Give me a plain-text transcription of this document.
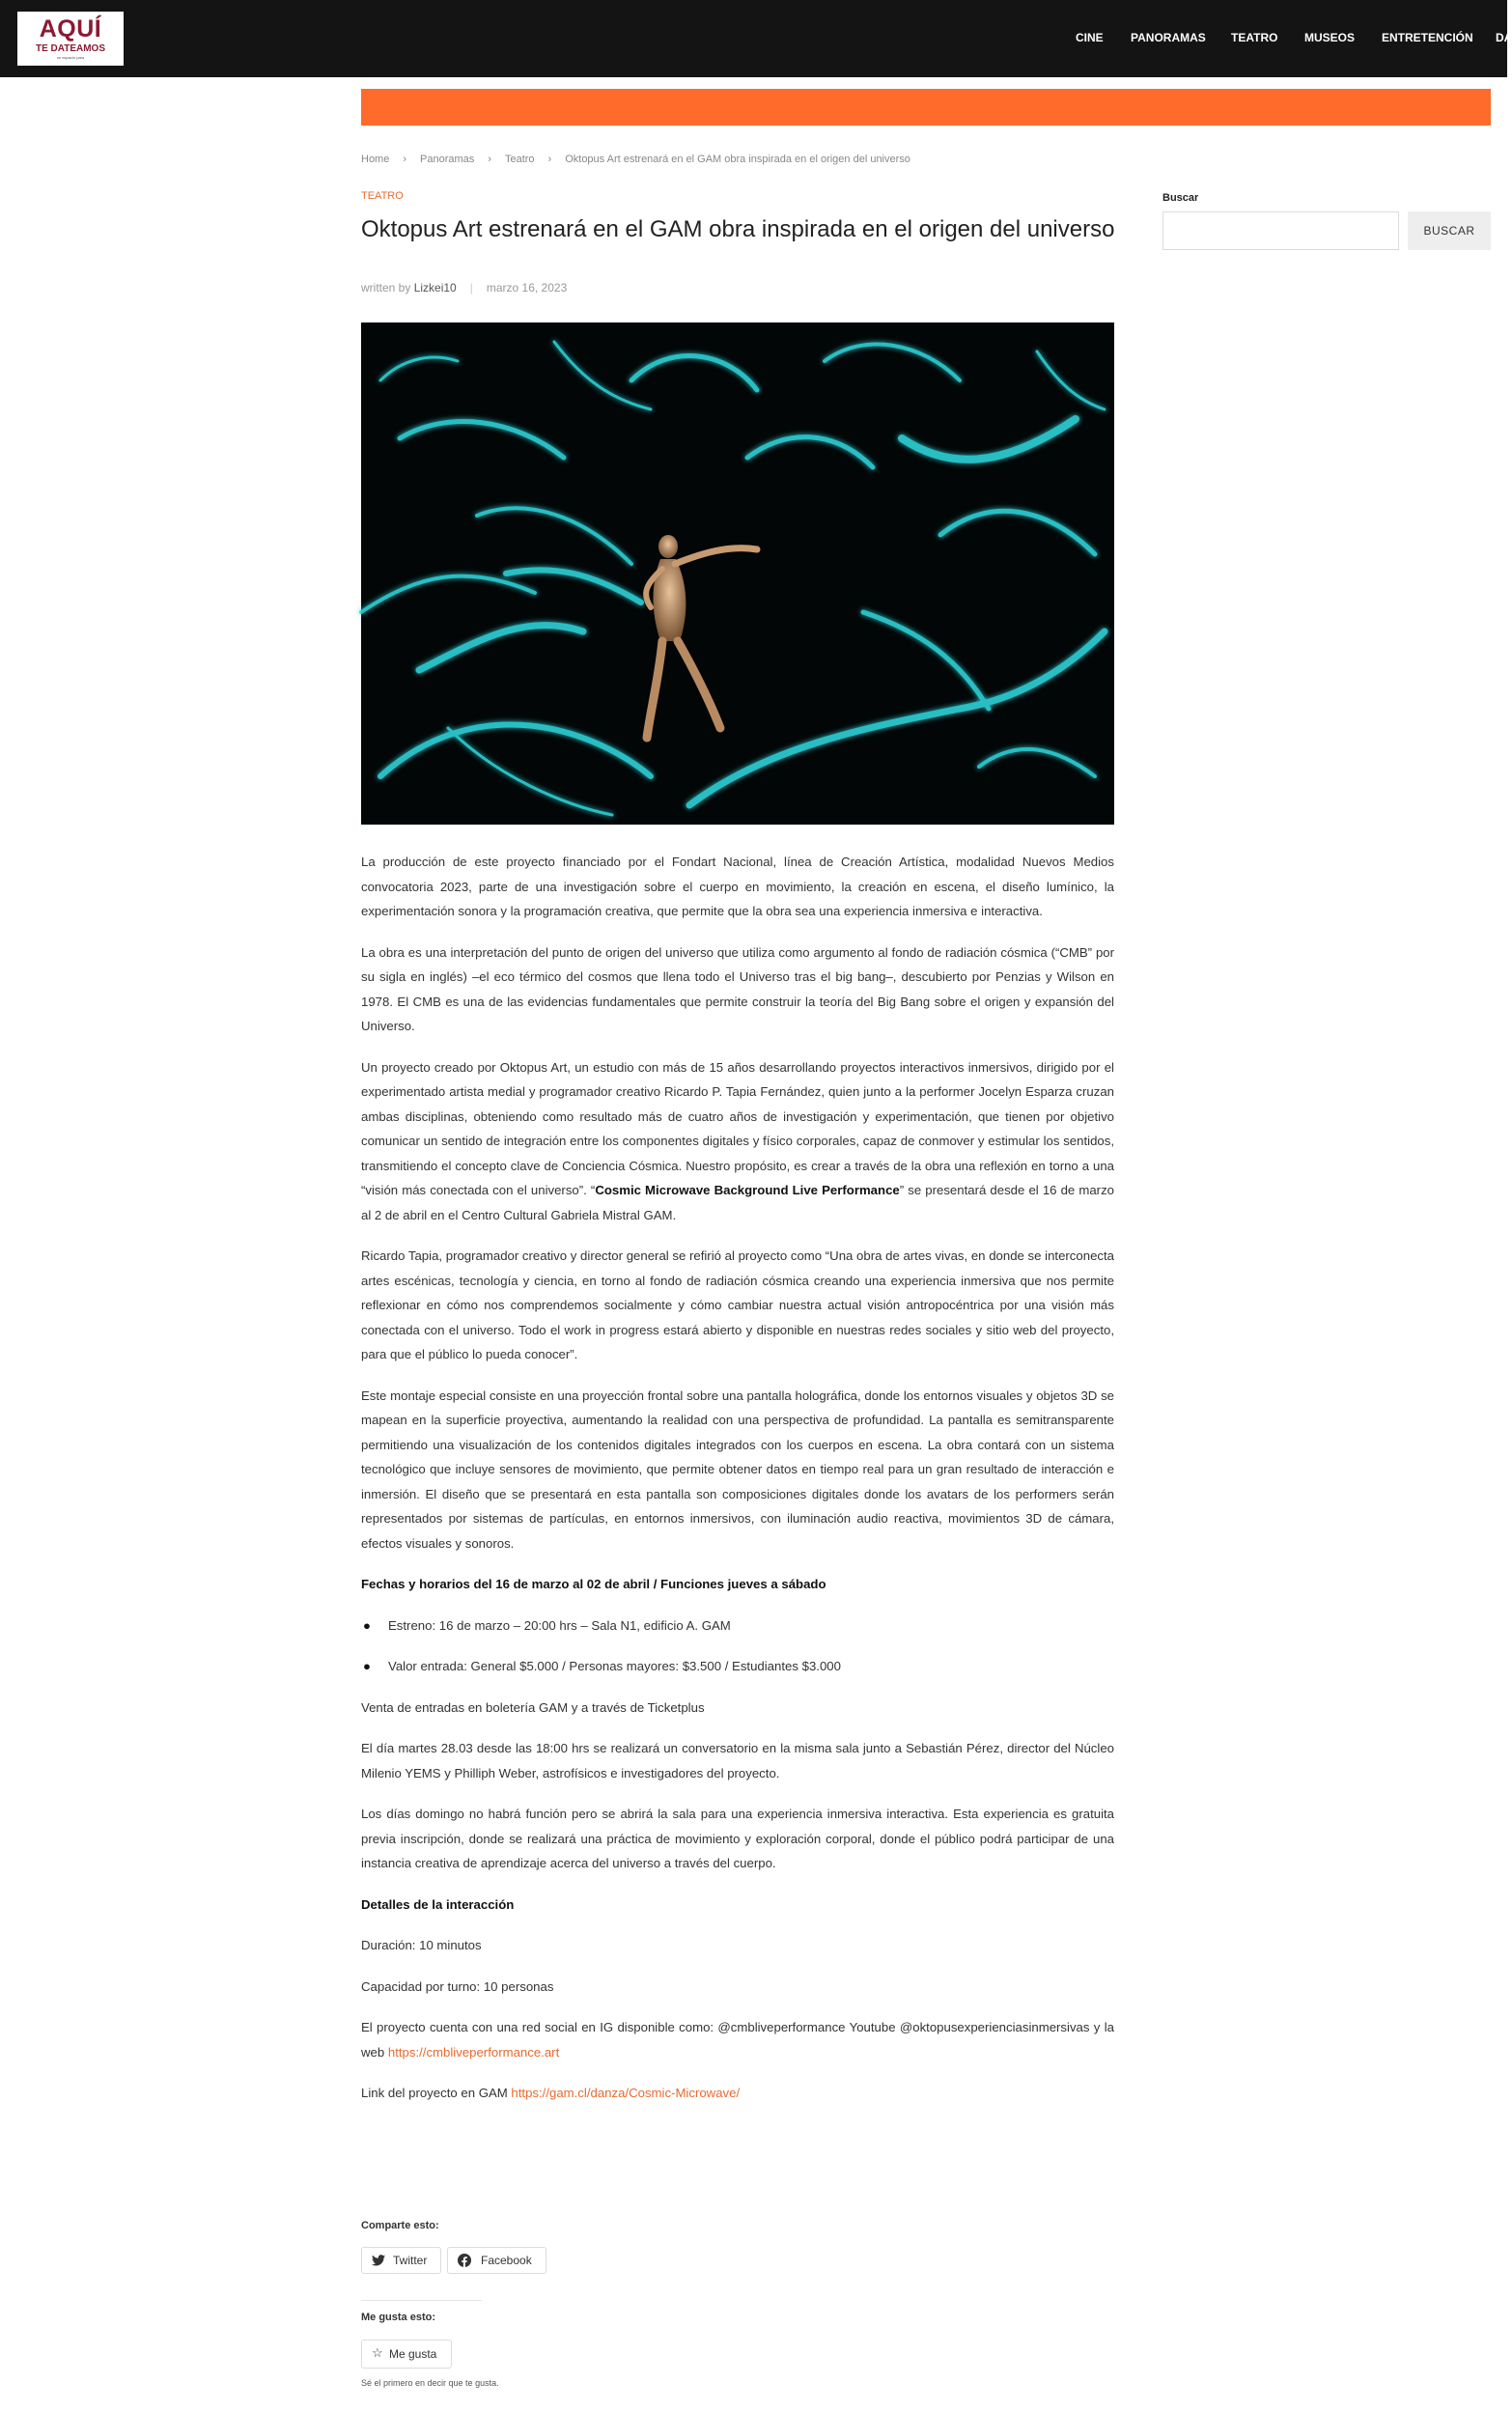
AQUÍ
TE DATEAMOS
un espacio para
CINE PANORAMAS TEATRO MUSEOS ENTRETENCIÓN DA
Home › Panoramas › Teatro › Oktopus Art estrenará en el GAM obra inspirada en el origen del universo
TEATRO
Oktopus Art estrenará en el GAM obra inspirada en el origen del universo
written by Lizkei10 | marzo 16, 2023

La producción de este proyecto financiado por el Fondart Nacional, línea de Creación Artística, modalidad Nuevos Medios convocatoria 2023, parte de una investigación sobre el cuerpo en movimiento, la creación en escena, el diseño lumínico, la experimentación sonora y la programación creativa, que permite que la obra sea una experiencia inmersiva e interactiva.

La obra es una interpretación del punto de origen del universo que utiliza como argumento al fondo de radiación cósmica (“CMB” por su sigla en inglés) –el eco térmico del cosmos que llena todo el Universo tras el big bang–, descubierto por Penzias y Wilson en 1978. El CMB es una de las evidencias fundamentales que permite construir la teoría del Big Bang sobre el origen y expansión del Universo.

Un proyecto creado por Oktopus Art, un estudio con más de 15 años desarrollando proyectos interactivos inmersivos, dirigido por el experimentado artista medial y programador creativo Ricardo P. Tapia Fernández, quien junto a la performer Jocelyn Esparza cruzan ambas disciplinas, obteniendo como resultado más de cuatro años de investigación y experimentación, que tienen por objetivo comunicar un sentido de integración entre los componentes digitales y físico corporales, capaz de conmover y estimular los sentidos, transmitiendo el concepto clave de Conciencia Cósmica. Nuestro propósito, es crear a través de la obra una reflexión en torno a una “visión más conectada con el universo”. “Cosmic Microwave Background Live Performance” se presentará desde el 16 de marzo al 2 de abril en el Centro Cultural Gabriela Mistral GAM.

Ricardo Tapia, programador creativo y director general se refirió al proyecto como “Una obra de artes vivas, en donde se interconecta artes escénicas, tecnología y ciencia, en torno al fondo de radiación cósmica creando una experiencia inmersiva que nos permite reflexionar en cómo nos comprendemos socialmente y cómo cambiar nuestra actual visión antropocéntrica por una visión más conectada con el universo. Todo el work in progress estará abierto y disponible en nuestras redes sociales y sitio web del proyecto, para que el público lo pueda conocer”.

Este montaje especial consiste en una proyección frontal sobre una pantalla holográfica, donde los entornos visuales y objetos 3D se mapean en la superficie proyectiva, aumentando la realidad con una perspectiva de profundidad. La pantalla es semitransparente permitiendo una visualización de los contenidos digitales integrados con los cuerpos en escena. La obra contará con un sistema tecnológico que incluye sensores de movimiento, que permite obtener datos en tiempo real para un gran resultado de interacción e inmersión. El diseño que se presentará en esta pantalla son composiciones digitales donde los avatars de los performers serán representados por sistemas de partículas, en entornos inmersivos, con iluminación audio reactiva, movimientos 3D de cámara, efectos visuales y sonoros.

Fechas y horarios del 16 de marzo al 02 de abril / Funciones jueves a sábado

● Estreno: 16 de marzo – 20:00 hrs – Sala N1, edificio A. GAM
● Valor entrada: General $5.000 / Personas mayores: $3.500 / Estudiantes $3.000

Venta de entradas en boletería GAM y a través de Ticketplus

El día martes 28.03 desde las 18:00 hrs se realizará un conversatorio en la misma sala junto a Sebastián Pérez, director del Núcleo Milenio YEMS y Philliph Weber, astrofísicos e investigadores del proyecto.

Los días domingo no habrá función pero se abrirá la sala para una experiencia inmersiva interactiva. Esta experiencia es gratuita previa inscripción, donde se realizará una práctica de movimiento y exploración corporal, donde el público podrá participar de una instancia creativa de aprendizaje acerca del universo a través del cuerpo.

Detalles de la interacción

Duración: 10 minutos

Capacidad por turno: 10 personas

El proyecto cuenta con una red social en IG disponible como: @cmbliveperformance Youtube @oktopusexperienciasinmersivas y la web https://cmbliveperformance.art

Link del proyecto en GAM https://gam.cl/danza/Cosmic-Microwave/

Comparte esto:
Twitter	Facebook
Me gusta esto:
☆ Me gusta
Sé el primero en decir que te gusta.
Buscar
BUSCAR
